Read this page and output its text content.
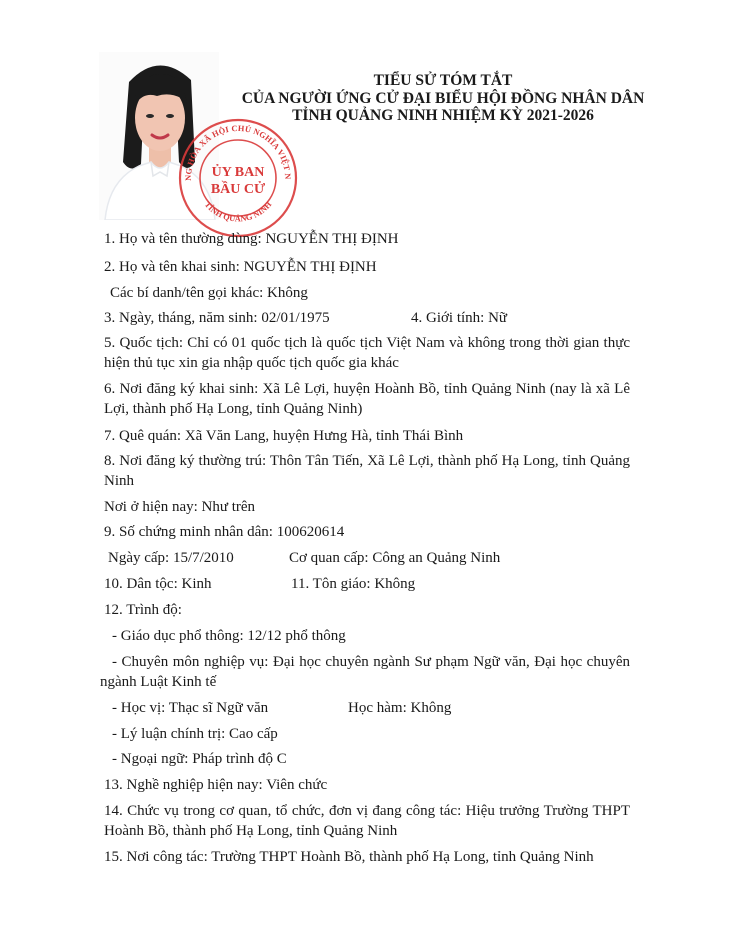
NG HÒA XÃ HỘI CHỦ NGHĨA VIỆT N
TỈNH QUẢNG NINH
ỦY BAN
BẦU CỬ
TIỂU SỬ TÓM TẮT
CỦA NGƯỜI ỨNG CỬ ĐẠI BIỂU HỘI ĐỒNG NHÂN DÂN
TỈNH QUẢNG NINH NHIỆM KỲ 2021-2026
1. Họ và tên thường dùng: NGUYỄN THỊ ĐỊNH
2. Họ và tên khai sinh: NGUYỄN THỊ ĐỊNH
Các bí danh/tên gọi khác: Không
3. Ngày, tháng, năm sinh: 02/01/1975	4. Giới tính: Nữ
5. Quốc tịch: Chỉ có 01 quốc tịch là quốc tịch Việt Nam và không trong thời gian thực hiện thủ tục xin gia nhập quốc tịch quốc gia khác
6. Nơi đăng ký khai sinh: Xã Lê Lợi, huyện Hoành Bồ, tỉnh Quảng Ninh (nay là xã Lê Lợi, thành phố Hạ Long, tỉnh Quảng Ninh)
7. Quê quán: Xã Văn Lang, huyện Hưng Hà, tỉnh Thái Bình
8. Nơi đăng ký thường trú: Thôn Tân Tiến, Xã Lê Lợi, thành phố Hạ Long, tỉnh Quảng Ninh
Nơi ở hiện nay: Như trên
9. Số chứng minh nhân dân: 100620614
Ngày cấp: 15/7/2010	Cơ quan cấp: Công an Quảng Ninh
10. Dân tộc: Kinh	11. Tôn giáo: Không
12. Trình độ:
- Giáo dục phổ thông: 12/12 phổ thông
- Chuyên môn nghiệp vụ: Đại học chuyên ngành Sư phạm Ngữ văn, Đại học chuyên ngành Luật Kinh tế
- Học vị: Thạc sĩ Ngữ văn	Học hàm: Không
- Lý luận chính trị: Cao cấp
- Ngoại ngữ: Pháp trình độ C
13. Nghề nghiệp hiện nay: Viên chức
14. Chức vụ trong cơ quan, tổ chức, đơn vị đang công tác: Hiệu trưởng Trường THPT Hoành Bồ, thành phố Hạ Long, tỉnh Quảng Ninh
15. Nơi công tác: Trường THPT Hoành Bồ, thành phố Hạ Long, tỉnh Quảng Ninh
